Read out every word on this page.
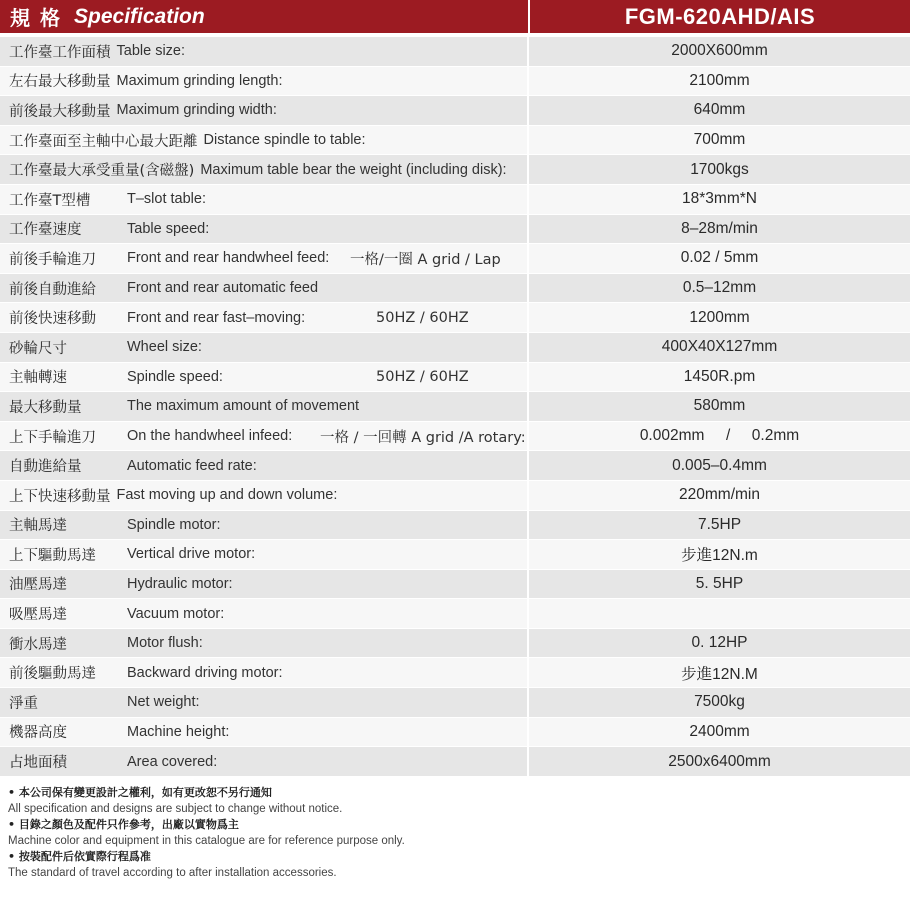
規格 Specification	FGM-620AHD/AIS
工作臺工作面積 Table size:	2000X600mm
左右最大移動量 Maximum grinding length:	2100mm
前後最大移動量 Maximum grinding width:	640mm
工作臺面至主軸中心最大距離 Distance spindle to table:	700mm
工作臺最大承受重量(含磁盤) Maximum table bear the weight (including disk):	1700kgs
工作臺T型槽	T–slot table:	18*3mm*N
工作臺速度	Table speed:	8–28m/min
前後手輪進刀 Front and rear handwheel feed: 一格/一圈 A grid / Lap	0.02 / 5mm
前後自動進給 Front and rear automatic feed	0.5–12mm
前後快速移動 Front and rear fast–moving:	50HZ / 60HZ	1200mm
砂輪尺寸	Wheel size:	400X40X127mm
主軸轉速	Spindle speed:	50HZ / 60HZ	1450R.pm
最大移動量	The maximum amount of movement	580mm
上下手輪進刀 On the handwheel infeed: 一格 / 一回轉 A grid /A rotary:	0.002mm     /     0.2mm
自動進給量	Automatic feed rate:	0.005–0.4mm
上下快速移動量 Fast moving up and down volume:	220mm/min
主軸馬達	Spindle motor:	7.5HP
上下驅動馬達 Vertical drive motor:	步進12N.m
油壓馬達	Hydraulic motor:	5. 5HP
吸壓馬達	Vacuum motor:
衝水馬達	Motor flush:	0. 12HP
前後驅動馬達 Backward driving motor:	步進12N.M
淨重	Net weight:	7500kg
機器高度	Machine height:	2400mm
占地面積	Area covered:	2500x6400mm
• 本公司保有變更設計之權利，如有更改恕不另行通知
All specification and designs are subject to change without notice.
• 目錄之顏色及配件只作參考，出廠以實物爲主
Machine color and equipment in this catalogue are for reference purpose only.
• 按裝配件后依實際行程爲准
The standard of travel according to after installation accessories.
